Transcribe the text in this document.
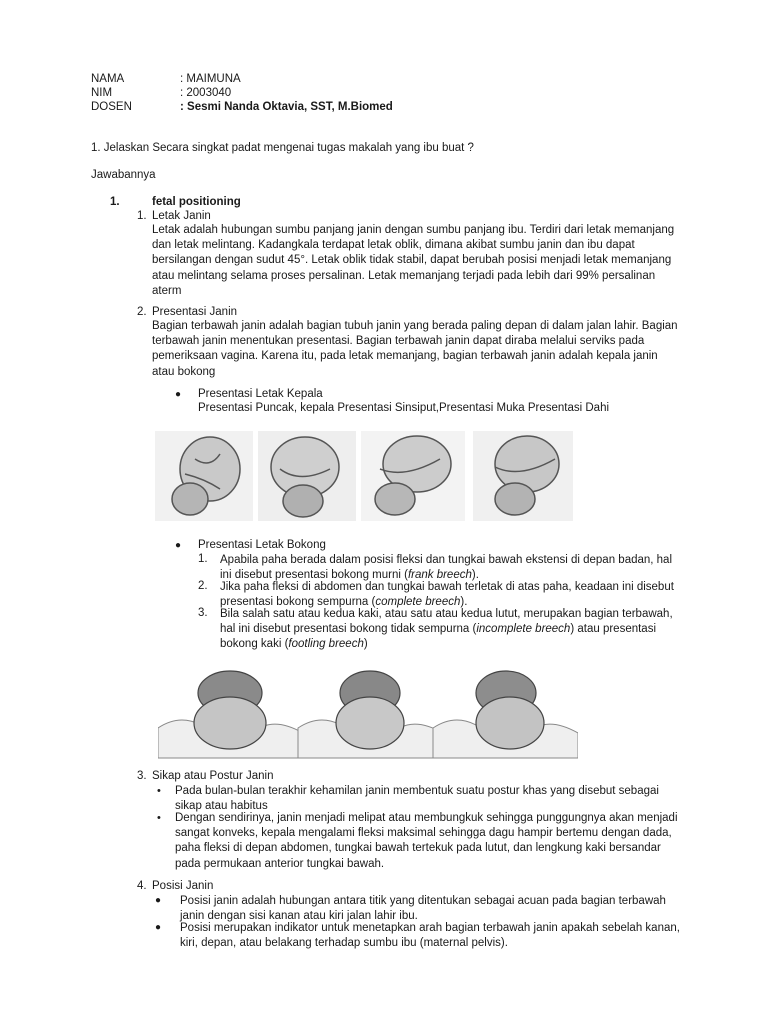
NAMA	: MAIMUNA
NIM	: 2003040
DOSEN	: Sesmi Nanda Oktavia, SST, M.Biomed
1. Jelaskan Secara singkat padat mengenai tugas makalah yang ibu buat ?
Jawabannya
1.	fetal positioning
1. Letak Janin
Letak adalah hubungan sumbu panjang janin dengan sumbu panjang ibu. Terdiri dari letak memanjang dan letak melintang. Kadangkala terdapat letak oblik, dimana akibat sumbu janin dan ibu dapat bersilangan dengan sudut 45°. Letak oblik tidak stabil, dapat berubah posisi menjadi letak memanjang atau melintang selama proses persalinan. Letak memanjang terjadi pada lebih dari 99% persalinan aterm
2. Presentasi Janin
Bagian terbawah janin adalah bagian tubuh janin yang berada paling depan di dalam jalan lahir. Bagian terbawah janin menentukan presentasi. Bagian terbawah janin dapat diraba melalui serviks pada pemeriksaan vagina. Karena itu, pada letak memanjang, bagian terbawah janin adalah kepala janin atau bokong
● Presentasi Letak Kepala
Presentasi Puncak, kepala Presentasi Sinsiput,Presentasi Muka Presentasi Dahi
● Presentasi Letak Bokong
1. Apabila paha berada dalam posisi fleksi dan tungkai bawah ekstensi di depan badan, hal ini disebut presentasi bokong murni (frank breech).
2. Jika paha fleksi di abdomen dan tungkai bawah terletak di atas paha, keadaan ini disebut presentasi bokong sempurna (complete breech).
3. Bila salah satu atau kedua kaki, atau satu atau kedua lutut, merupakan bagian terbawah, hal ini disebut presentasi bokong tidak sempurna (incomplete breech) atau presentasi bokong kaki (footling breech)
3. Sikap atau Postur Janin
• Pada bulan-bulan terakhir kehamilan janin membentuk suatu postur khas yang disebut sebagai sikap atau habitus
• Dengan sendirinya, janin menjadi melipat atau membungkuk sehingga punggungnya akan menjadi sangat konveks, kepala mengalami fleksi maksimal sehingga dagu hampir bertemu dengan dada, paha fleksi di depan abdomen, tungkai bawah tertekuk pada lutut, dan lengkung kaki bersandar pada permukaan anterior tungkai bawah.
4. Posisi Janin
● Posisi janin adalah hubungan antara titik yang ditentukan sebagai acuan pada bagian terbawah janin dengan sisi kanan atau kiri jalan lahir ibu.
● Posisi merupakan indikator untuk menetapkan arah bagian terbawah janin apakah sebelah kanan, kiri, depan, atau belakang terhadap sumbu ibu (maternal pelvis).
